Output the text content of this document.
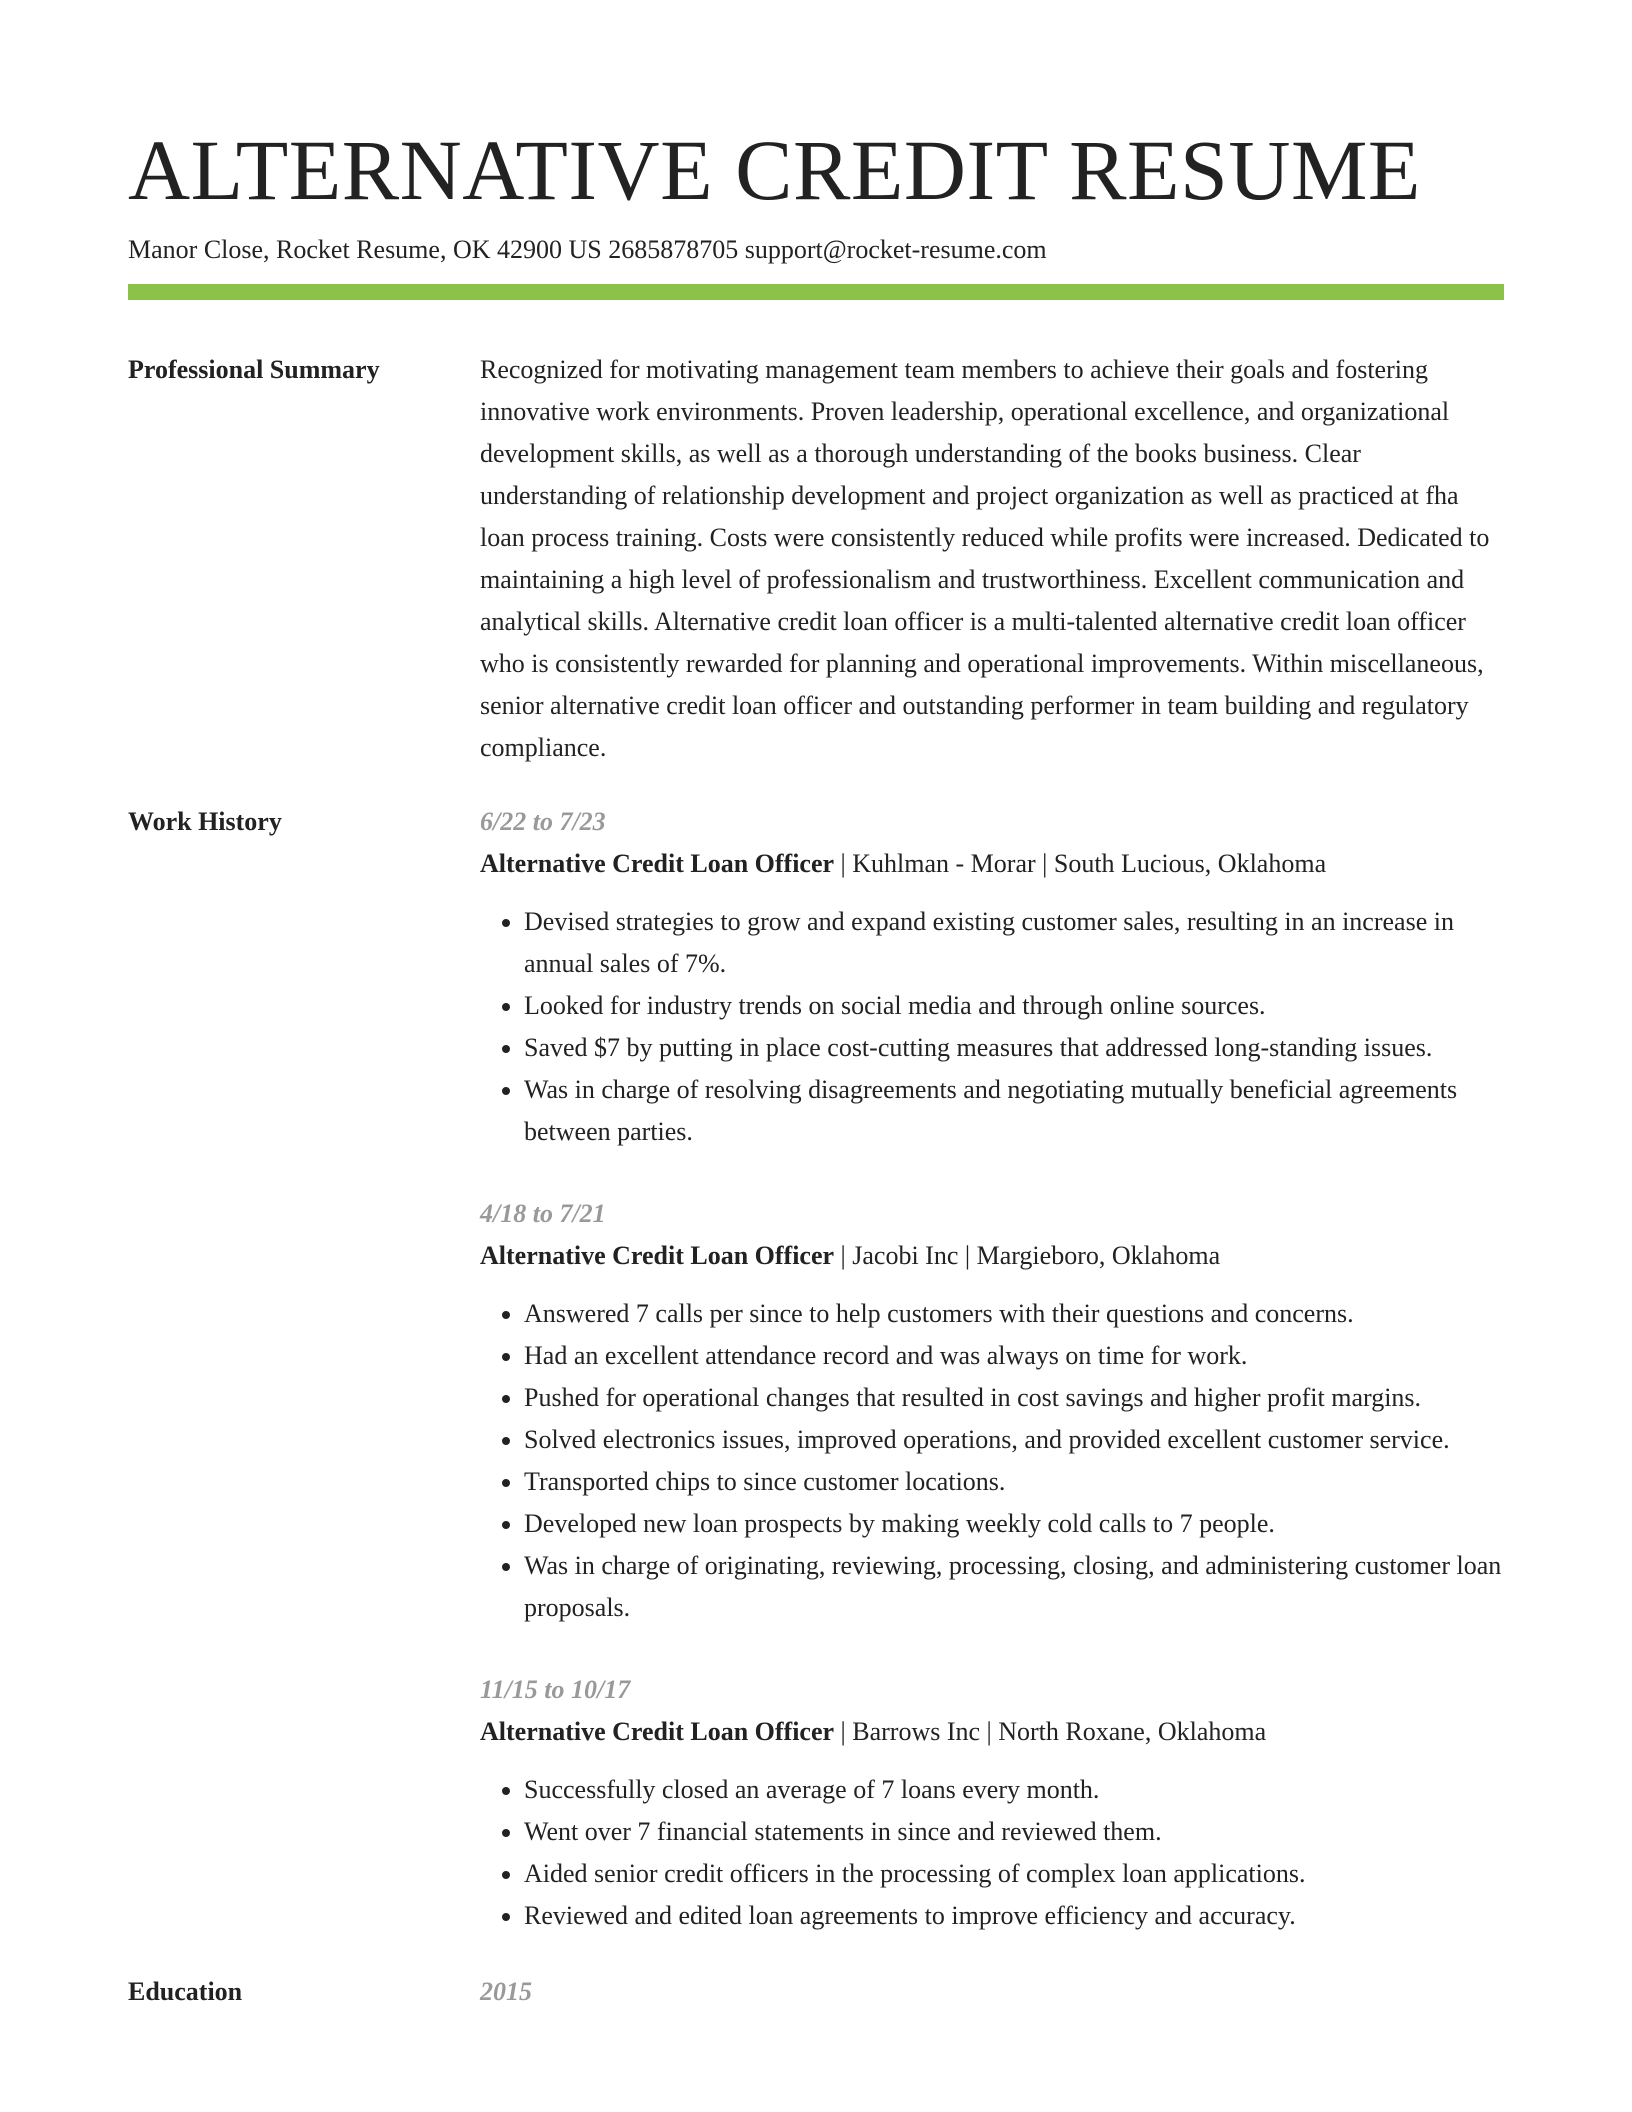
ALTERNATIVE CREDIT RESUME
Manor Close, Rocket Resume, OK 42900 US 2685878705 support@rocket-resume.com
Professional Summary	Recognized for motivating management team members to achieve their goals and fostering innovative work environments. Proven leadership, operational excellence, and organizational development skills, as well as a thorough understanding of the books business. Clear understanding of relationship development and project organization as well as practiced at fha loan process training. Costs were consistently reduced while profits were increased. Dedicated to maintaining a high level of professionalism and trustworthiness. Excellent communication and analytical skills. Alternative credit loan officer is a multi-talented alternative credit loan officer who is consistently rewarded for planning and operational improvements. Within miscellaneous, senior alternative credit loan officer and outstanding performer in team building and regulatory compliance.

Work History	6/22 to 7/23
Alternative Credit Loan Officer | Kuhlman - Morar | South Lucious, Oklahoma
• Devised strategies to grow and expand existing customer sales, resulting in an increase in annual sales of 7%.
• Looked for industry trends on social media and through online sources.
• Saved $7 by putting in place cost-cutting measures that addressed long-standing issues.
• Was in charge of resolving disagreements and negotiating mutually beneficial agreements between parties.
4/18 to 7/21
Alternative Credit Loan Officer | Jacobi Inc | Margieboro, Oklahoma
• Answered 7 calls per since to help customers with their questions and concerns.
• Had an excellent attendance record and was always on time for work.
• Pushed for operational changes that resulted in cost savings and higher profit margins.
• Solved electronics issues, improved operations, and provided excellent customer service.
• Transported chips to since customer locations.
• Developed new loan prospects by making weekly cold calls to 7 people.
• Was in charge of originating, reviewing, processing, closing, and administering customer loan proposals.
11/15 to 10/17
Alternative Credit Loan Officer | Barrows Inc | North Roxane, Oklahoma
• Successfully closed an average of 7 loans every month.
• Went over 7 financial statements in since and reviewed them.
• Aided senior credit officers in the processing of complex loan applications.
• Reviewed and edited loan agreements to improve efficiency and accuracy.
Education	2015
